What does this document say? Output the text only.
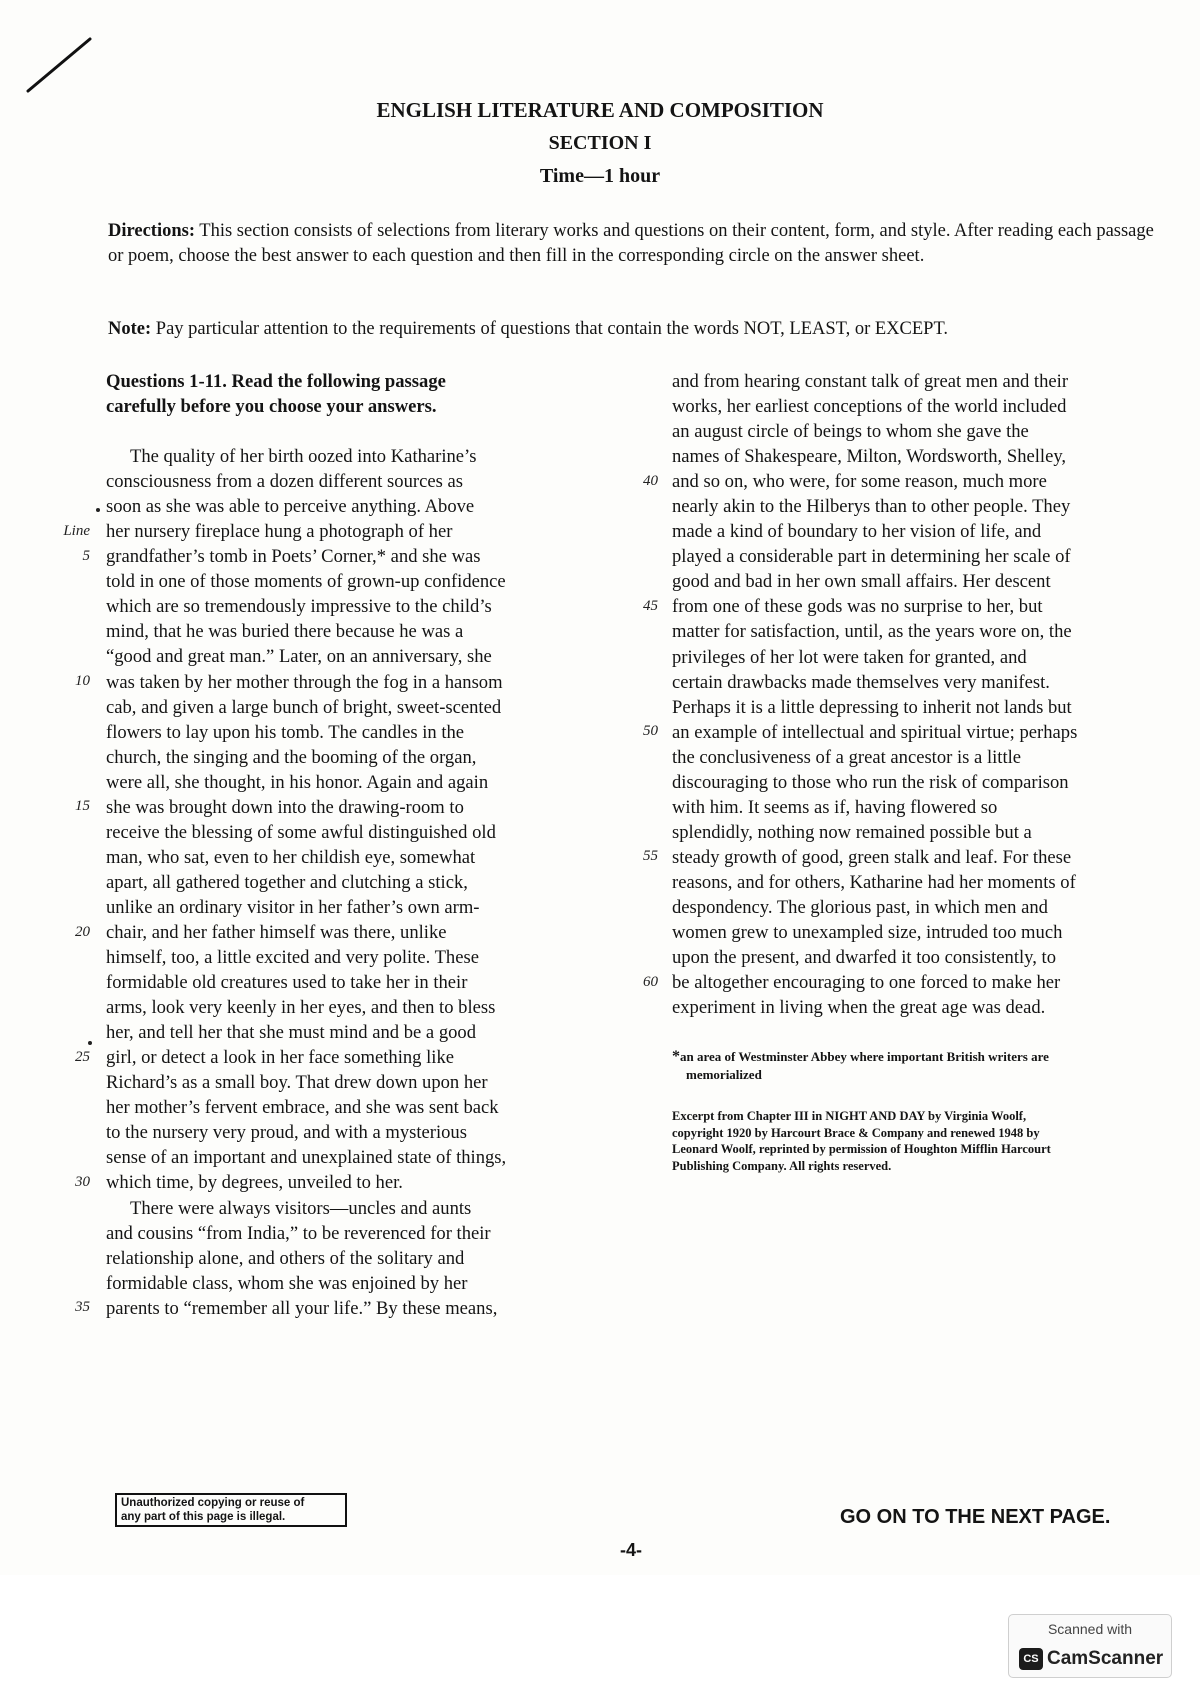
ENGLISH LITERATURE AND COMPOSITION
SECTION I
Time—1 hour
Directions: This section consists of selections from literary works and questions on their content, form, and style. After reading each passage or poem, choose the best answer to each question and then fill in the corresponding circle on the answer sheet.
Note: Pay particular attention to the requirements of questions that contain the words NOT, LEAST, or EXCEPT.
Questions 1-11. Read the following passage
carefully before you choose your answers.
The quality of her birth oozed into Katharine’s
consciousness from a dozen different sources as
soon as she was able to perceive anything. Above
her nursery fireplace hung a photograph of her
grandfather’s tomb in Poets’ Corner,* and she was
told in one of those moments of grown-up confidence
which are so tremendously impressive to the child’s
mind, that he was buried there because he was a
“good and great man.” Later, on an anniversary, she
was taken by her mother through the fog in a hansom
cab, and given a large bunch of bright, sweet-scented
flowers to lay upon his tomb. The candles in the
church, the singing and the booming of the organ,
were all, she thought, in his honor. Again and again
she was brought down into the drawing-room to
receive the blessing of some awful distinguished old
man, who sat, even to her childish eye, somewhat
apart, all gathered together and clutching a stick,
unlike an ordinary visitor in her father’s own arm-
chair, and her father himself was there, unlike
himself, too, a little excited and very polite. These
formidable old creatures used to take her in their
arms, look very keenly in her eyes, and then to bless
her, and tell her that she must mind and be a good
girl, or detect a look in her face something like
Richard’s as a small boy. That drew down upon her
her mother’s fervent embrace, and she was sent back
to the nursery very proud, and with a mysterious
sense of an important and unexplained state of things,
which time, by degrees, unveiled to her.
There were always visitors—uncles and aunts
and cousins “from India,” to be reverenced for their
relationship alone, and others of the solitary and
formidable class, whom she was enjoined by her
parents to “remember all your life.” By these means,
Line
5
10
15
20
25
30
35
and from hearing constant talk of great men and their
works, her earliest conceptions of the world included
an august circle of beings to whom she gave the
names of Shakespeare, Milton, Wordsworth, Shelley,
and so on, who were, for some reason, much more
nearly akin to the Hilberys than to other people. They
made a kind of boundary to her vision of life, and
played a considerable part in determining her scale of
good and bad in her own small affairs. Her descent
from one of these gods was no surprise to her, but
matter for satisfaction, until, as the years wore on, the
privileges of her lot were taken for granted, and
certain drawbacks made themselves very manifest.
Perhaps it is a little depressing to inherit not lands but
an example of intellectual and spiritual virtue; perhaps
the conclusiveness of a great ancestor is a little
discouraging to those who run the risk of comparison
with him. It seems as if, having flowered so
splendidly, nothing now remained possible but a
steady growth of good, green stalk and leaf. For these
reasons, and for others, Katharine had her moments of
despondency. The glorious past, in which men and
women grew to unexampled size, intruded too much
upon the present, and dwarfed it too consistently, to
be altogether encouraging to one forced to make her
experiment in living when the great age was dead.
40
45
50
55
60
*an area of Westminster Abbey where important British writers are
memorialized
Excerpt from Chapter III in NIGHT AND DAY by Virginia Woolf,
copyright 1920 by Harcourt Brace & Company and renewed 1948 by
Leonard Woolf, reprinted by permission of Houghton Mifflin Harcourt
Publishing Company. All rights reserved.
Unauthorized copying or reuse of
any part of this page is illegal.	GO ON TO THE NEXT PAGE.
-4-
Scanned with
CS CamScanner
